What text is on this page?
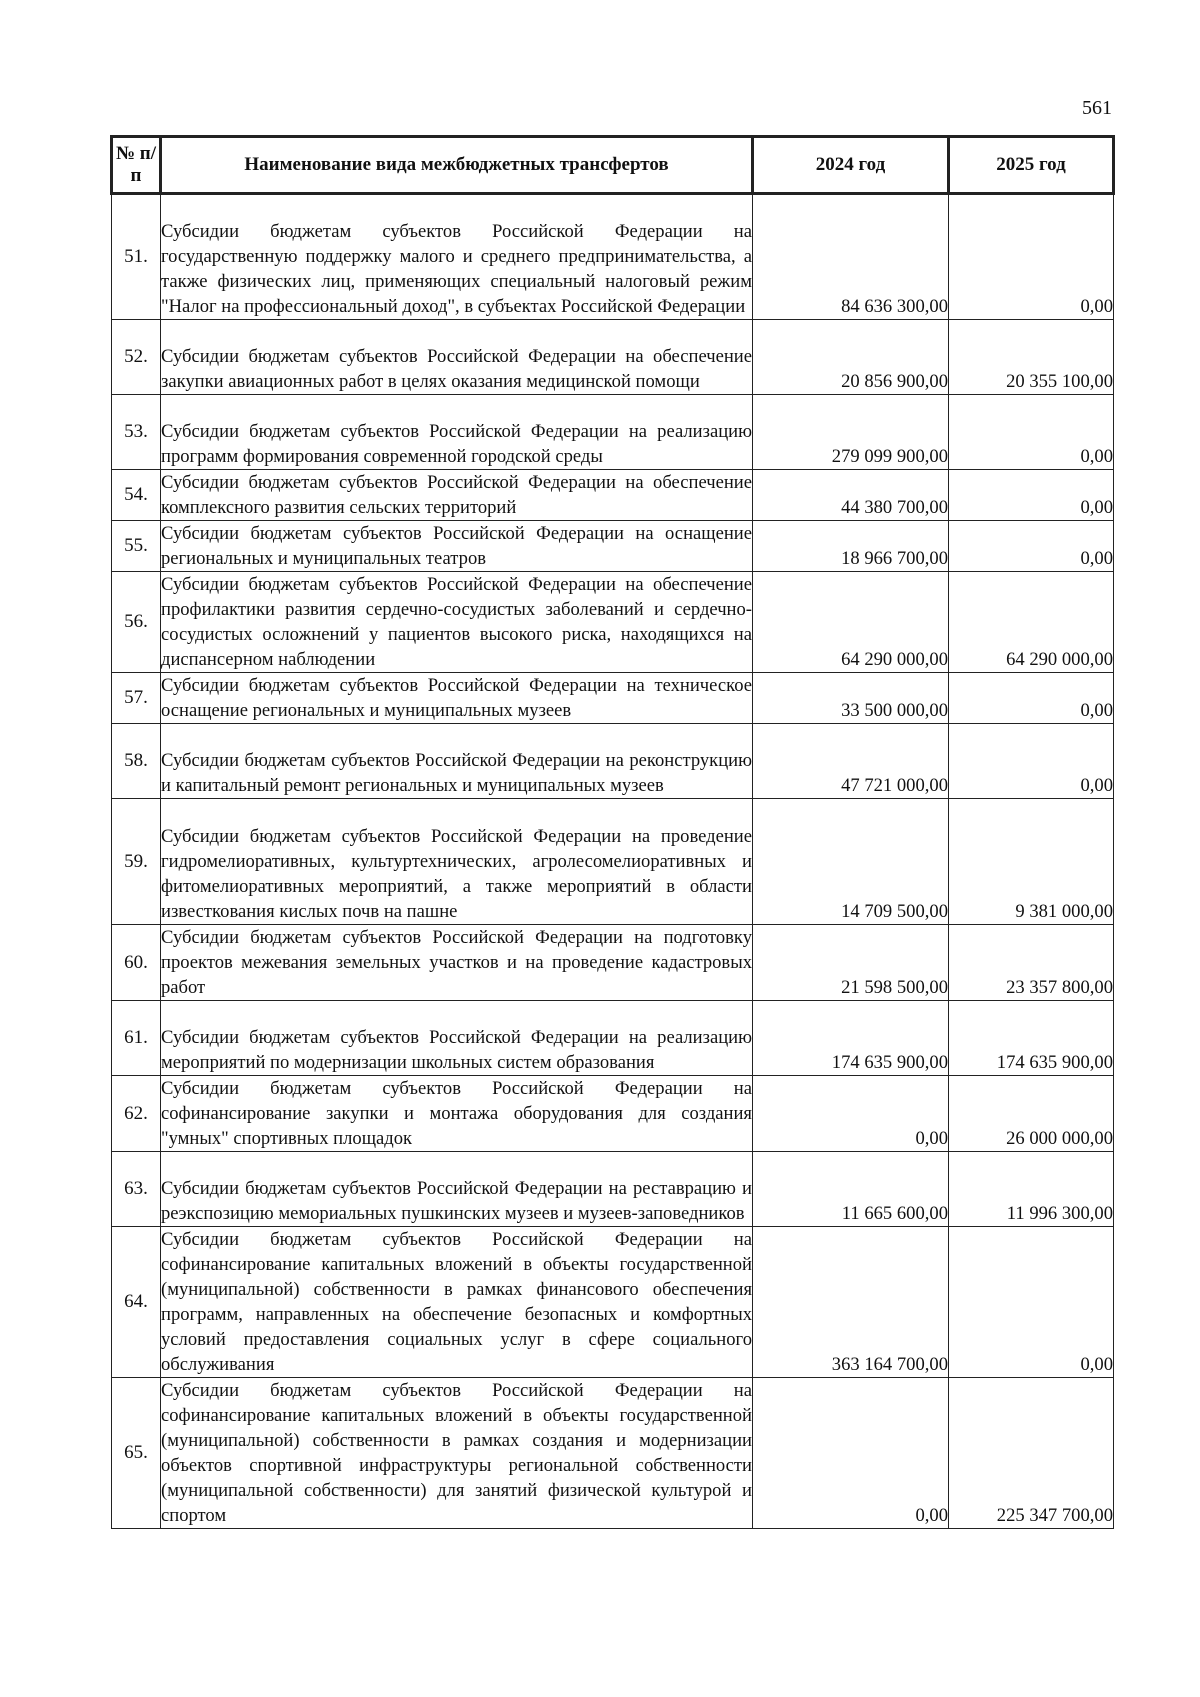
561
№ п/п	Наименование вида межбюджетных трансфертов	2024 год	2025 год
51.	Субсидии бюджетам субъектов Российской Федерации на государственную поддержку малого и среднего предпринимательства, а также физических лиц, применяющих специальный налоговый режим "Налог на профессиональный доход", в субъектах Российской Федерации	84 636 300,00	0,00
52.	Субсидии бюджетам субъектов Российской Федерации на обеспечение закупки авиационных работ в целях оказания медицинской помощи	20 856 900,00	20 355 100,00
53.	Субсидии бюджетам субъектов Российской Федерации на реализацию программ формирования современной городской среды	279 099 900,00	0,00
54.	Субсидии бюджетам субъектов Российской Федерации на обеспечение комплексного развития сельских территорий	44 380 700,00	0,00
55.	Субсидии бюджетам субъектов Российской Федерации на оснащение региональных и муниципальных театров	18 966 700,00	0,00
56.	Субсидии бюджетам субъектов Российской Федерации на обеспечение профилактики развития сердечно-сосудистых заболеваний и сердечно-сосудистых осложнений у пациентов высокого риска, находящихся на диспансерном наблюдении	64 290 000,00	64 290 000,00
57.	Субсидии бюджетам субъектов Российской Федерации на техническое оснащение региональных и муниципальных музеев	33 500 000,00	0,00
58.	Субсидии бюджетам субъектов Российской Федерации на реконструкцию и капитальный ремонт региональных и муниципальных музеев	47 721 000,00	0,00
59.	Субсидии бюджетам субъектов Российской Федерации на проведение гидромелиоративных, культуртехнических, агролесомелиоративных и фитомелиоративных мероприятий, а также мероприятий в области известкования кислых почв на пашне	14 709 500,00	9 381 000,00
60.	Субсидии бюджетам субъектов Российской Федерации на подготовку проектов межевания земельных участков и на проведение кадастровых работ	21 598 500,00	23 357 800,00
61.	Субсидии бюджетам субъектов Российской Федерации на реализацию мероприятий по модернизации школьных систем образования	174 635 900,00	174 635 900,00
62.	Субсидии бюджетам субъектов Российской Федерации на софинансирование закупки и монтажа оборудования для создания "умных" спортивных площадок	0,00	26 000 000,00
63.	Субсидии бюджетам субъектов Российской Федерации на реставрацию и реэкспозицию мемориальных пушкинских музеев и музеев-заповедников	11 665 600,00	11 996 300,00
64.	Субсидии бюджетам субъектов Российской Федерации на софинансирование капитальных вложений в объекты государственной (муниципальной) собственности в рамках финансового обеспечения программ, направленных на обеспечение безопасных и комфортных условий предоставления социальных услуг в сфере социального обслуживания	363 164 700,00	0,00
65.	Субсидии бюджетам субъектов Российской Федерации на софинансирование капитальных вложений в объекты государственной (муниципальной) собственности в рамках создания и модернизации объектов спортивной инфраструктуры региональной собственности (муниципальной собственности) для занятий физической культурой и спортом	0,00	225 347 700,00
